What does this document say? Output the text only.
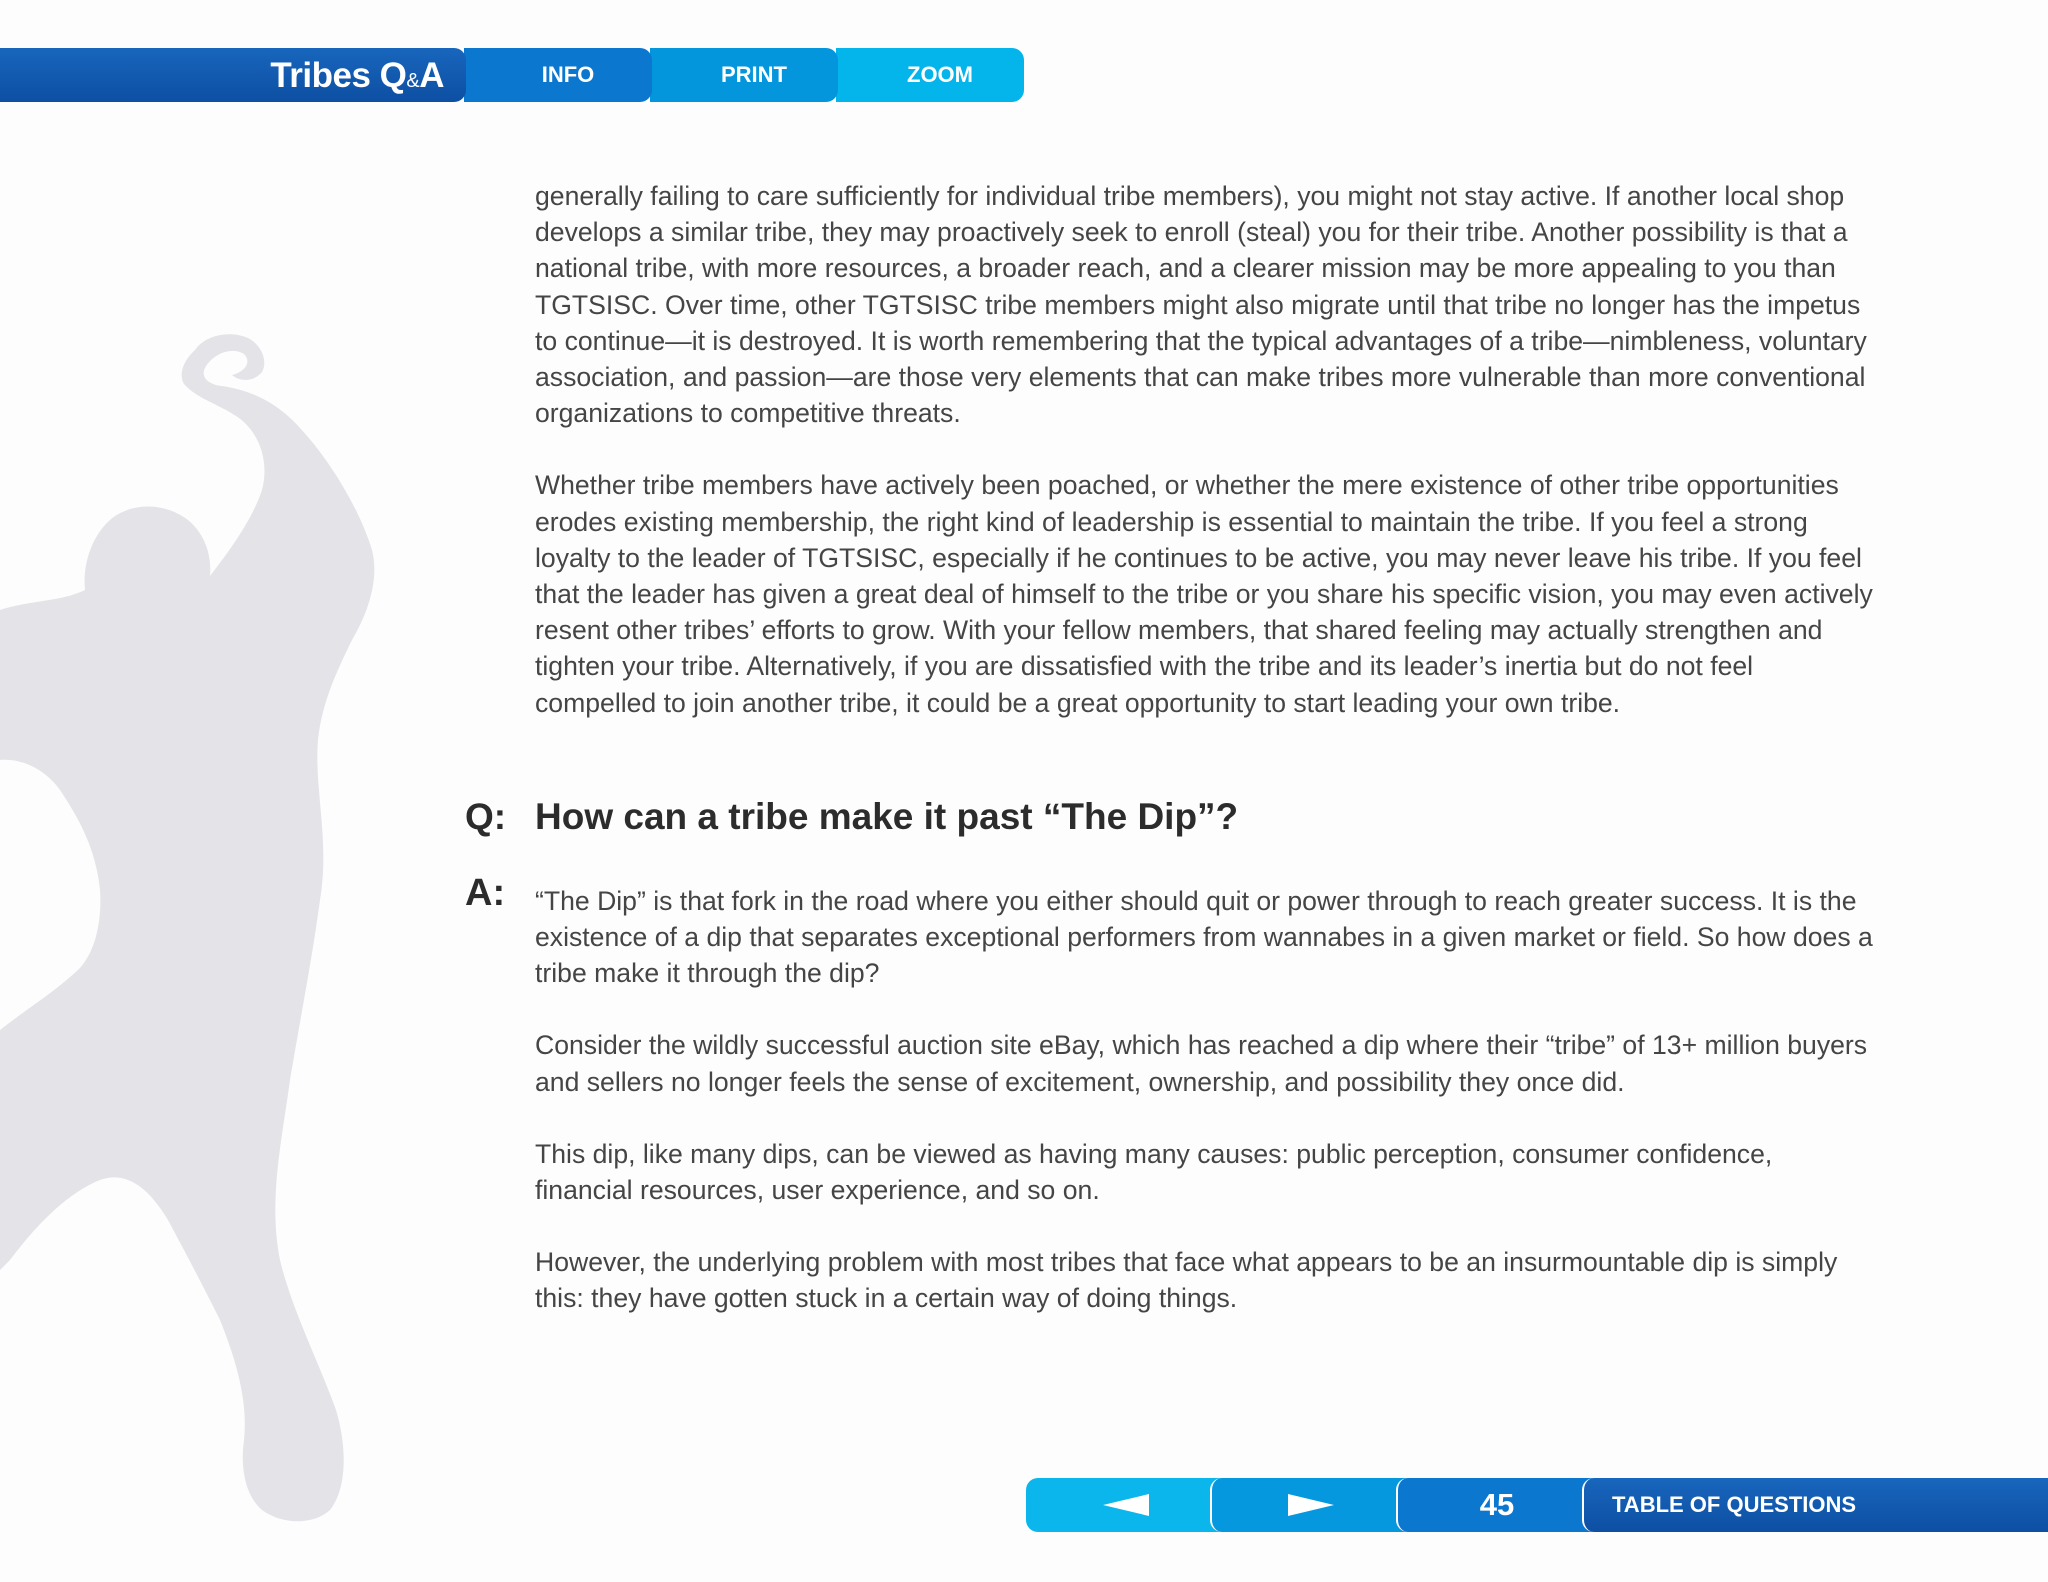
Tribes Q&A	INFO	PRINT	ZOOM

generally failing to care sufficiently for individual tribe members), you might not stay active. If another local shop develops a similar tribe, they may proactively seek to enroll (steal) you for their tribe. Another possibility is that a national tribe, with more resources, a broader reach, and a clearer mission may be more appealing to you than TGTSISC. Over time, other TGTSISC tribe members might also migrate until that tribe no longer has the impetus to continue—it is destroyed. It is worth remembering that the typical advantages of a tribe—nimbleness, voluntary association, and passion—are those very elements that can make tribes more vulnerable than more conventional organizations to competitive threats.

Whether tribe members have actively been poached, or whether the mere existence of other tribe opportunities erodes existing membership, the right kind of leadership is essential to maintain the tribe. If you feel a strong loyalty to the leader of TGTSISC, especially if he continues to be active, you may never leave his tribe. If you feel that the leader has given a great deal of himself to the tribe or you share his specific vision, you may even actively resent other tribes’ efforts to grow. With your fellow members, that shared feeling may actually strengthen and tighten your tribe. Alternatively, if you are dissatisfied with the tribe and its leader’s inertia but do not feel compelled to join another tribe, it could be a great opportunity to start leading your own tribe.

Q: How can a tribe make it past “The Dip”?
A: “The Dip” is that fork in the road where you either should quit or power through to reach greater success. It is the existence of a dip that separates exceptional performers from wannabes in a given market or field. So how does a tribe make it through the dip?

Consider the wildly successful auction site eBay, which has reached a dip where their “tribe” of 13+ million buyers and sellers no longer feels the sense of excitement, ownership, and possibility they once did.

This dip, like many dips, can be viewed as having many causes: public perception, consumer confidence, financial resources, user experience, and so on.

However, the underlying problem with most tribes that face what appears to be an insurmountable dip is simply this: they have gotten stuck in a certain way of doing things.

45	TABLE OF QUESTIONS
